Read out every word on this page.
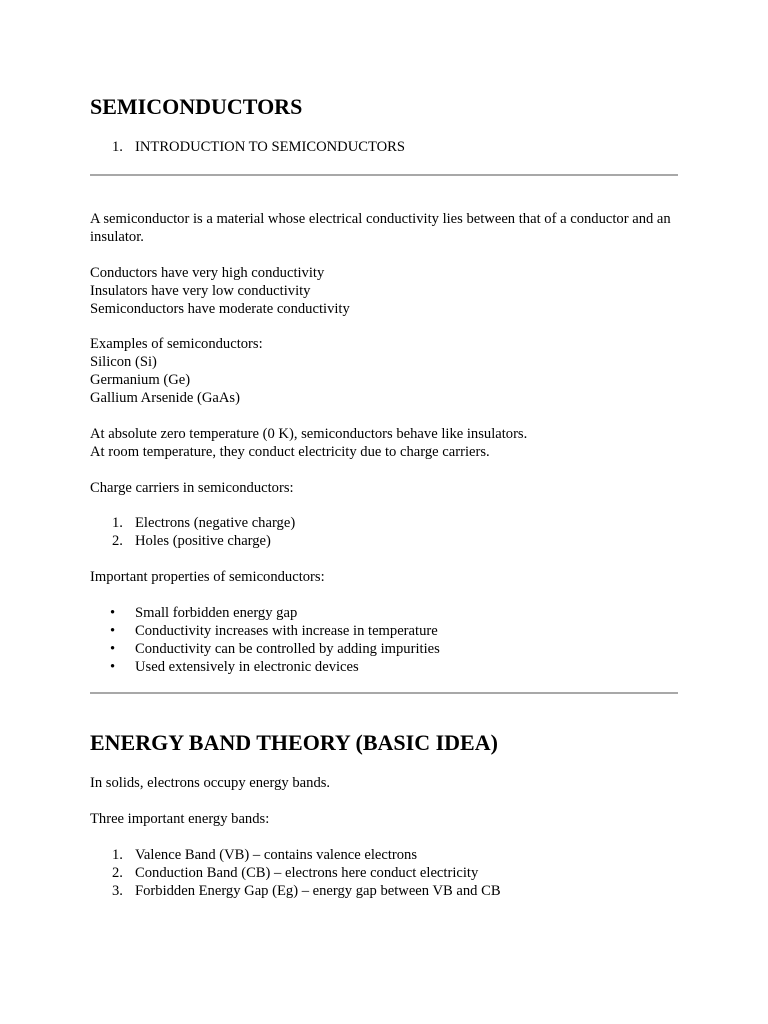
SEMICONDUCTORS
1. INTRODUCTION TO SEMICONDUCTORS

A semiconductor is a material whose electrical conductivity lies between that of a conductor and an insulator.

Conductors have very high conductivity

Insulators have very low conductivity

Semiconductors have moderate conductivity

Examples of semiconductors:

Silicon (Si)

Germanium (Ge)

Gallium Arsenide (GaAs)

At absolute zero temperature (0 K), semiconductors behave like insulators.

At room temperature, they conduct electricity due to charge carriers.

Charge carriers in semiconductors:

1. Electrons (negative charge)
2. Holes (positive charge)

Important properties of semiconductors:

• Small forbidden energy gap
• Conductivity increases with increase in temperature
• Conductivity can be controlled by adding impurities
• Used extensively in electronic devices
ENERGY BAND THEORY (BASIC IDEA)

In solids, electrons occupy energy bands.

Three important energy bands:

1. Valence Band (VB) – contains valence electrons
2. Conduction Band (CB) – electrons here conduct electricity
3. Forbidden Energy Gap (Eg) – energy gap between VB and CB
